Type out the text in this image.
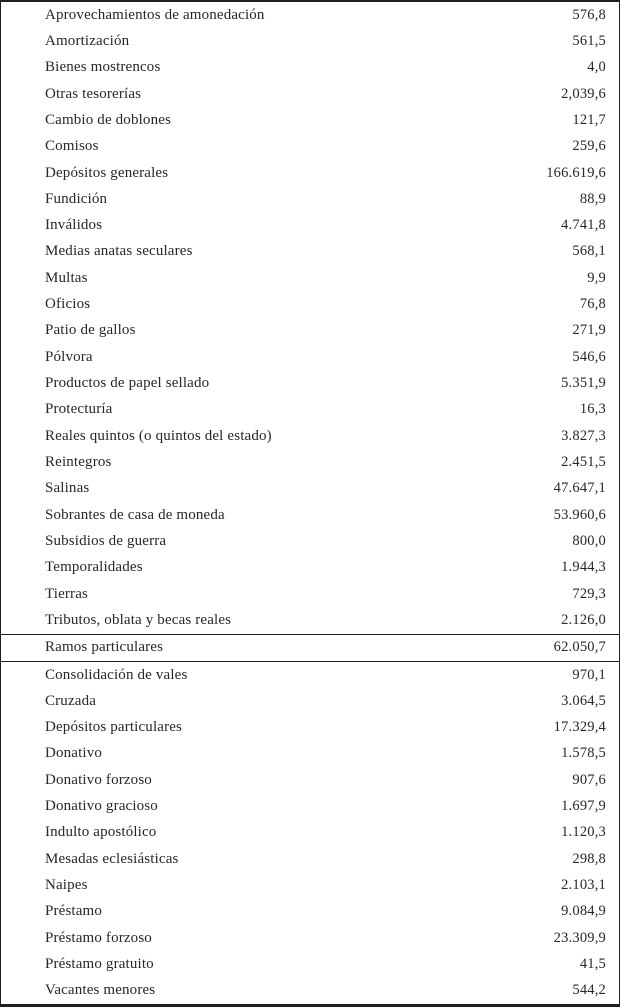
Aprovechamientos de amonedación	576,8
Amortización	561,5
Bienes mostrencos	4,0
Otras tesorerías	2,039,6
Cambio de doblones	121,7
Comisos	259,6
Depósitos generales	166.619,6
Fundición	88,9
Inválidos	4.741,8
Medias anatas seculares	568,1
Multas	9,9
Oficios	76,8
Patio de gallos	271,9
Pólvora	546,6
Productos de papel sellado	5.351,9
Protecturía	16,3
Reales quintos (o quintos del estado)	3.827,3
Reintegros	2.451,5
Salinas	47.647,1
Sobrantes de casa de moneda	53.960,6
Subsidios de guerra	800,0
Temporalidades	1.944,3
Tierras	729,3
Tributos, oblata y becas reales	2.126,0
Ramos particulares	62.050,7
Consolidación de vales	970,1
Cruzada	3.064,5
Depósitos particulares	17.329,4
Donativo	1.578,5
Donativo forzoso	907,6
Donativo gracioso	1.697,9
Indulto apostólico	1.120,3
Mesadas eclesiásticas	298,8
Naipes	2.103,1
Préstamo	9.084,9
Préstamo forzoso	23.309,9
Préstamo gratuito	41,5
Vacantes menores	544,2
